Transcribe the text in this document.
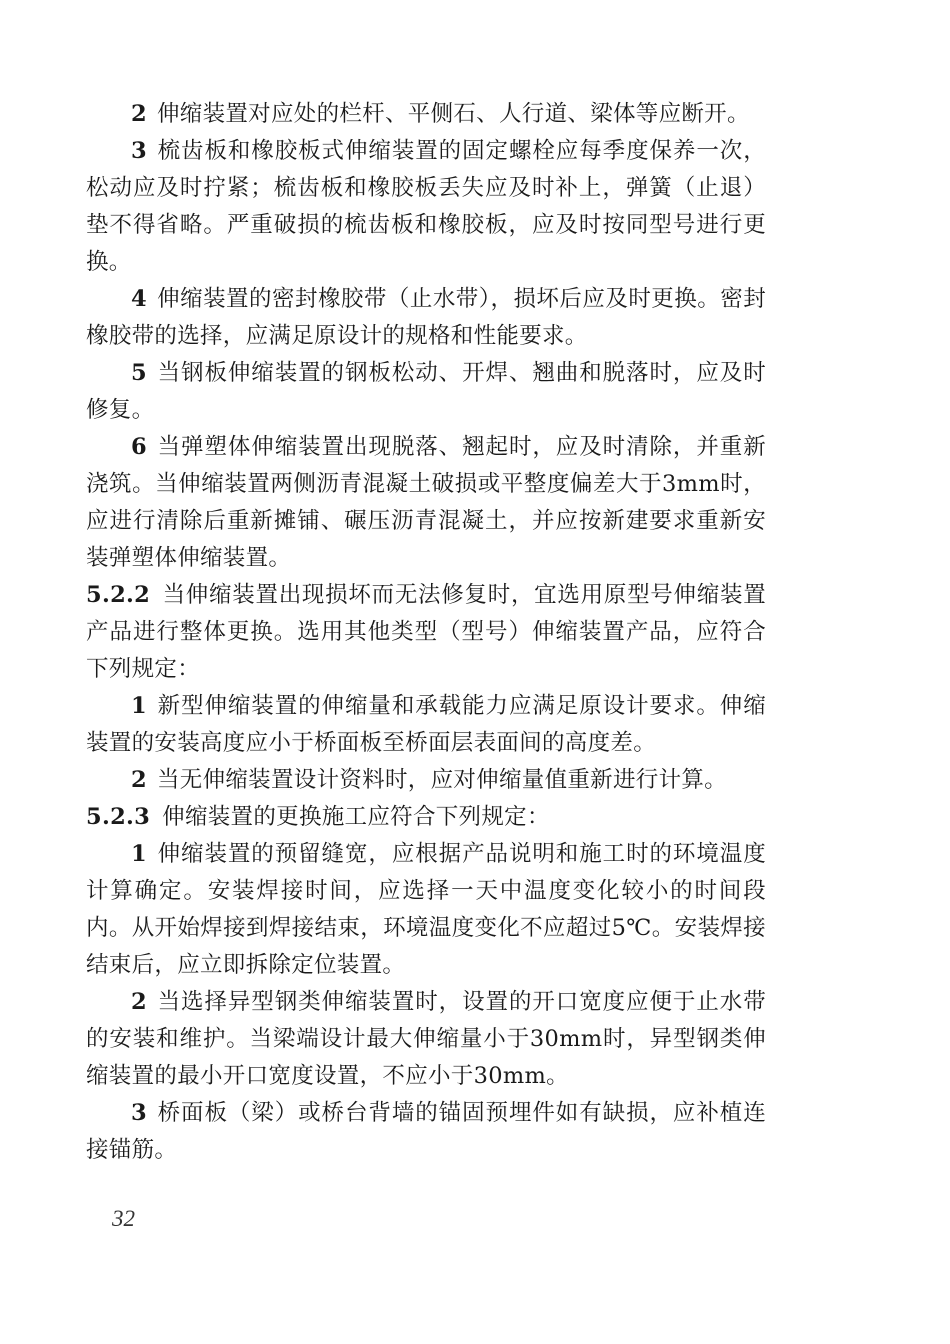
2 伸缩装置对应处的栏杆、平侧石、人行道、梁体等应断开。

3 梳齿板和橡胶板式伸缩装置的固定螺栓应每季度保养一次，松动应及时拧紧；梳齿板和橡胶板丢失应及时补上，弹簧（止退）垫不得省略。严重破损的梳齿板和橡胶板，应及时按同型号进行更换。

4 伸缩装置的密封橡胶带（止水带），损坏后应及时更换。密封橡胶带的选择，应满足原设计的规格和性能要求。

5 当钢板伸缩装置的钢板松动、开焊、翘曲和脱落时，应及时修复。

6 当弹塑体伸缩装置出现脱落、翘起时，应及时清除，并重新浇筑。当伸缩装置两侧沥青混凝土破损或平整度偏差大于3mm时，应进行清除后重新摊铺、碾压沥青混凝土，并应按新建要求重新安装弹塑体伸缩装置。

5.2.2 当伸缩装置出现损坏而无法修复时，宜选用原型号伸缩装置产品进行整体更换。选用其他类型（型号）伸缩装置产品，应符合下列规定：

1 新型伸缩装置的伸缩量和承载能力应满足原设计要求。伸缩装置的安装高度应小于桥面板至桥面层表面间的高度差。

2 当无伸缩装置设计资料时，应对伸缩量值重新进行计算。

5.2.3 伸缩装置的更换施工应符合下列规定：

1 伸缩装置的预留缝宽，应根据产品说明和施工时的环境温度计算确定。安装焊接时间，应选择一天中温度变化较小的时间段内。从开始焊接到焊接结束，环境温度变化不应超过5℃。安装焊接结束后，应立即拆除定位装置。

2 当选择异型钢类伸缩装置时，设置的开口宽度应便于止水带的安装和维护。当梁端设计最大伸缩量小于30mm时，异型钢类伸缩装置的最小开口宽度设置，不应小于30mm。

3 桥面板（梁）或桥台背墙的锚固预埋件如有缺损，应补植连接锚筋。

32
